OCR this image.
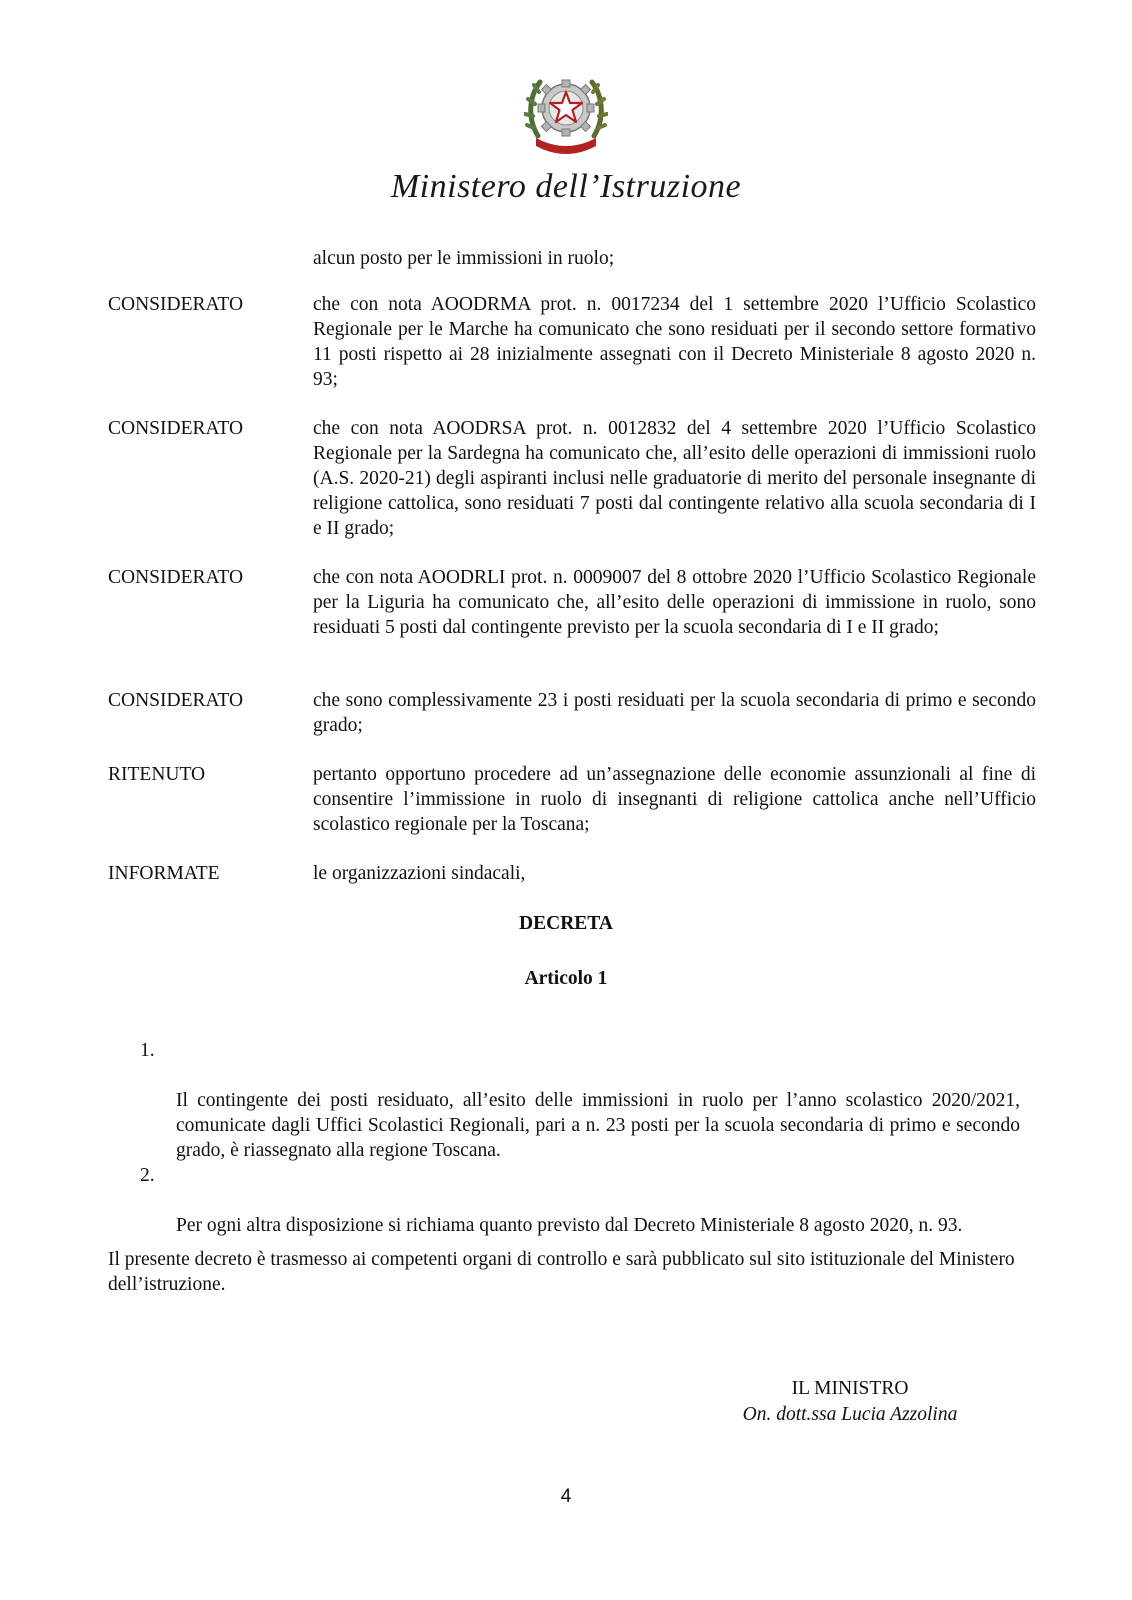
Ministero dell’Istruzione
alcun posto per le immissioni in ruolo;
CONSIDERATO	che con nota AOODRMA prot. n. 0017234 del 1 settembre 2020 l’Ufficio Scolastico Regionale per le Marche ha comunicato che sono residuati per il secondo settore formativo 11 posti rispetto ai 28 inizialmente assegnati con il Decreto Ministeriale 8 agosto 2020 n. 93;
CONSIDERATO	che con nota AOODRSA prot. n. 0012832 del 4 settembre 2020 l’Ufficio Scolastico Regionale per la Sardegna ha comunicato che, all’esito delle operazioni di immissioni ruolo (A.S. 2020-21) degli aspiranti inclusi nelle graduatorie di merito del personale insegnante di religione cattolica, sono residuati 7 posti dal contingente relativo alla scuola secondaria di I e II grado;
CONSIDERATO	che con nota AOODRLI prot. n. 0009007 del 8 ottobre 2020 l’Ufficio Scolastico Regionale per la Liguria ha comunicato che, all’esito delle operazioni di immissione in ruolo, sono residuati 5 posti dal contingente previsto per la scuola secondaria di I e II grado;
CONSIDERATO	che sono complessivamente 23 i posti residuati per la scuola secondaria di primo e secondo grado;
RITENUTO	pertanto opportuno procedere ad un’assegnazione delle economie assunzionali al fine di consentire l’immissione in ruolo di insegnanti di religione cattolica anche nell’Ufficio scolastico regionale per la Toscana;
INFORMATE	le organizzazioni sindacali,
DECRETA
Articolo 1

1.

Il contingente dei posti residuato, all’esito delle immissioni in ruolo per l’anno scolastico 2020/2021, comunicate dagli Uffici Scolastici Regionali, pari a n. 23 posti per la scuola secondaria di primo e secondo grado, è riassegnato alla regione Toscana.

2.

Per ogni altra disposizione si richiama quanto previsto dal Decreto Ministeriale 8 agosto 2020, n. 93.

Il presente decreto è trasmesso ai competenti organi di controllo e sarà pubblicato sul sito istituzionale del Ministero dell’istruzione.
IL MINISTRO
On. dott.ssa Lucia Azzolina
4
